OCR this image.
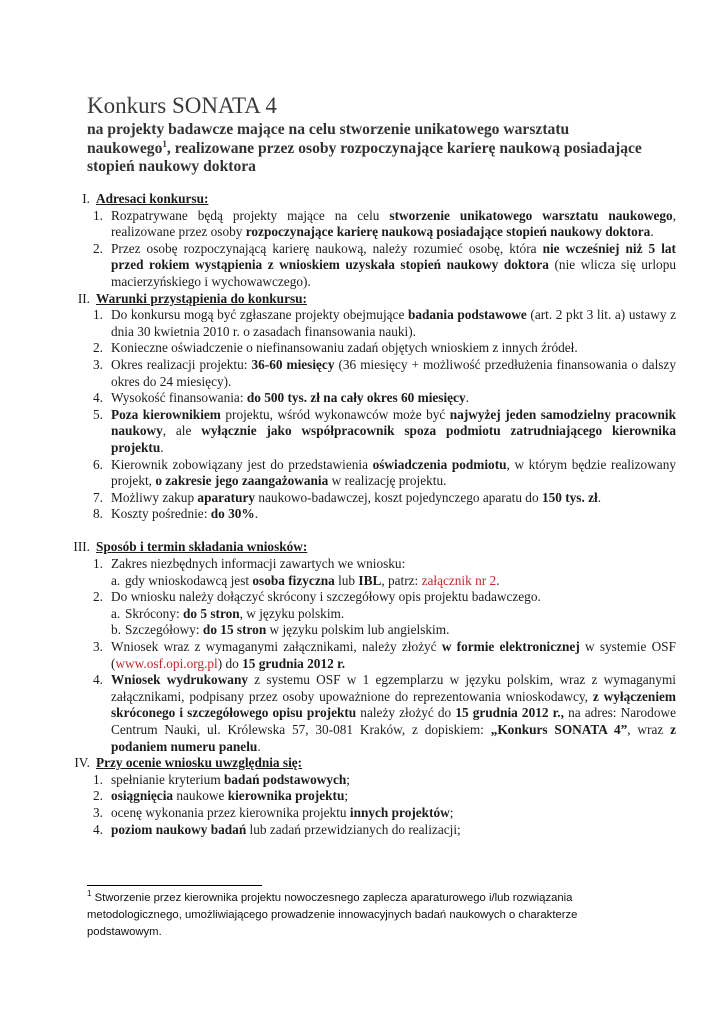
Konkurs SONATA 4

na projekty badawcze mające na celu stworzenie unikatowego warsztatu naukowego$^1$, realizowane przez osoby rozpoczynające karierę naukową posiadające stopień naukowy doktora

I. Adresaci konkursu:
1. Rozpatrywane będą projekty mające na celu stworzenie unikatowego warsztatu naukowego, realizowane przez osoby rozpoczynające karierę naukową posiadające stopień naukowy doktora.
2. Przez osobę rozpoczynającą karierę naukową, należy rozumieć osobę, która nie wcześniej niż 5 lat przed rokiem wystąpienia z wnioskiem uzyskała stopień naukowy doktora (nie wlicza się urlopu macierzyńskiego i wychowawczego).
II. Warunki przystąpienia do konkursu:
1. Do konkursu mogą być zgłaszane projekty obejmujące badania podstawowe (art. 2 pkt 3 lit. a) ustawy z dnia 30 kwietnia 2010 r. o zasadach finansowania nauki).
2. Konieczne oświadczenie o niefinansowaniu zadań objętych wnioskiem z innych źródeł.
3. Okres realizacji projektu: 36-60 miesięcy (36 miesięcy + możliwość przedłużenia finansowania o dalszy okres do 24 miesięcy).
4. Wysokość finansowania: do 500 tys. zł na cały okres 60 miesięcy.
5. Poza kierownikiem projektu, wśród wykonawców może być najwyżej jeden samodzielny pracownik naukowy, ale wyłącznie jako współpracownik spoza podmiotu zatrudniającego kierownika projektu.
6. Kierownik zobowiązany jest do przedstawienia oświadczenia podmiotu, w którym będzie realizowany projekt, o zakresie jego zaangażowania w realizację projektu.
7. Możliwy zakup aparatury naukowo-badawczej, koszt pojedynczego aparatu do 150 tys. zł.
8. Koszty pośrednie: do 30%.
III. Sposób i termin składania wniosków:
1. Zakres niezbędnych informacji zawartych we wniosku:
a. gdy wnioskodawcą jest osoba fizyczna lub IBL, patrz: załącznik nr 2.
2. Do wniosku należy dołączyć skrócony i szczegółowy opis projektu badawczego.
a. Skrócony: do 5 stron, w języku polskim.
b. Szczegółowy: do 15 stron w języku polskim lub angielskim.
3. Wniosek wraz z wymaganymi załącznikami, należy złożyć w formie elektronicznej w systemie OSF (www.osf.opi.org.pl) do 15 grudnia 2012 r.
4. Wniosek wydrukowany z systemu OSF w 1 egzemplarzu w języku polskim, wraz z wymaganymi załącznikami, podpisany przez osoby upoważnione do reprezentowania wnioskodawcy, z wyłączeniem skróconego i szczegółowego opisu projektu należy złożyć do 15 grudnia 2012 r., na adres: Narodowe Centrum Nauki, ul. Królewska 57, 30-081 Kraków, z dopiskiem: „Konkurs SONATA 4”, wraz z podaniem numeru panelu.
IV. Przy ocenie wniosku uwzględnia się:
1. spełnianie kryterium badań podstawowych;
2. osiągnięcia naukowe kierownika projektu;
3. ocenę wykonania przez kierownika projektu innych projektów;
4. poziom naukowy badań lub zadań przewidzianych do realizacji;
$^1$ Stworzenie przez kierownika projektu nowoczesnego zaplecza aparaturowego i/lub rozwiązania metodologicznego, umożliwiającego prowadzenie innowacyjnych badań naukowych o charakterze podstawowym.
